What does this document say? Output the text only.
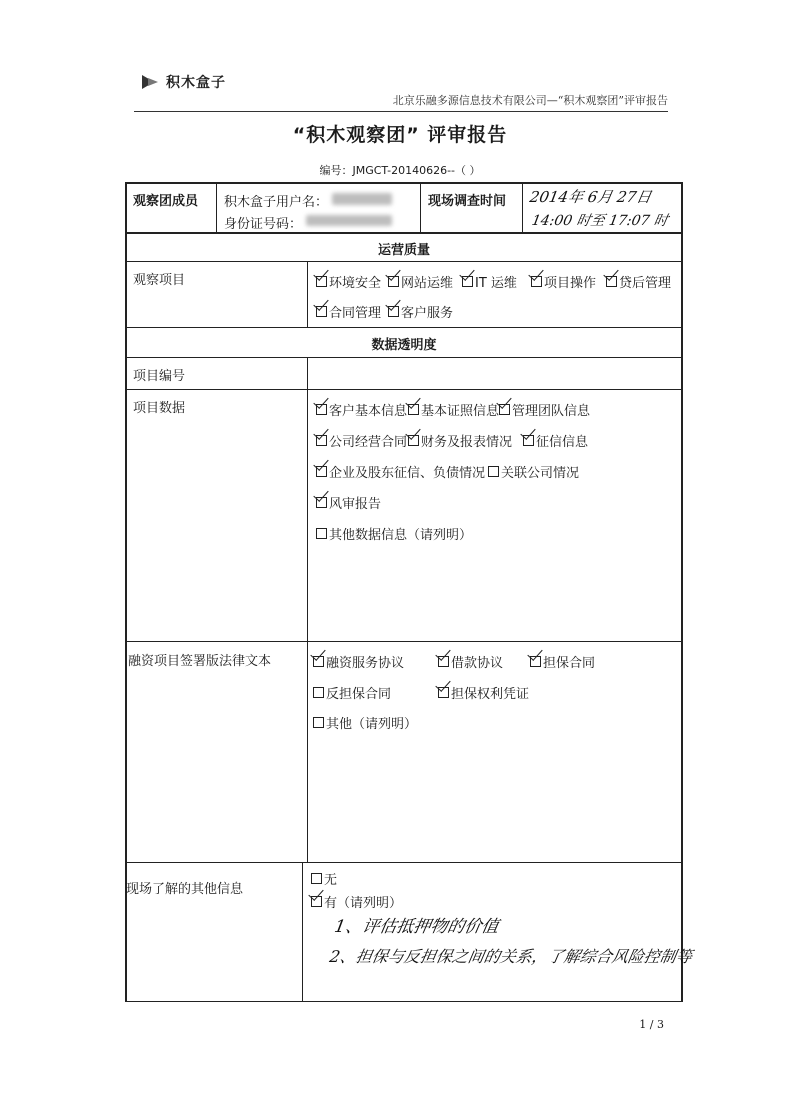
积木盒子
北京乐融多源信息技术有限公司—“积木观察团”评审报告
“积木观察团” 评审报告
编号：JMGCT-20140626--（ ）
观察团成员 积木盒子用户名：
身份证号码：
现场调查时间 2014年 6月 27日
14:00 时至 17:07 时
运营质量
观察项目	环境安全	网站运维	IT 运维	项目操作	贷后管理
合同管理	客户服务
数据透明度
项目编号
项目数据	客户基本信息	基本证照信息 管理团队信息
公司经营合同	财务及报表情况	征信信息
企业及股东征信、负债情况	关联公司情况
风审报告
其他数据信息（请列明）
融资项目签署版法律文本	融资服务协议	借款协议	担保合同
反担保合同	担保权利凭证
其他（请列明）
现场了解的其他信息
无
有（请列明）
1、评估抵押物的价值
2、担保与反担保之间的关系，了解综合风险控制等
1 / 3
